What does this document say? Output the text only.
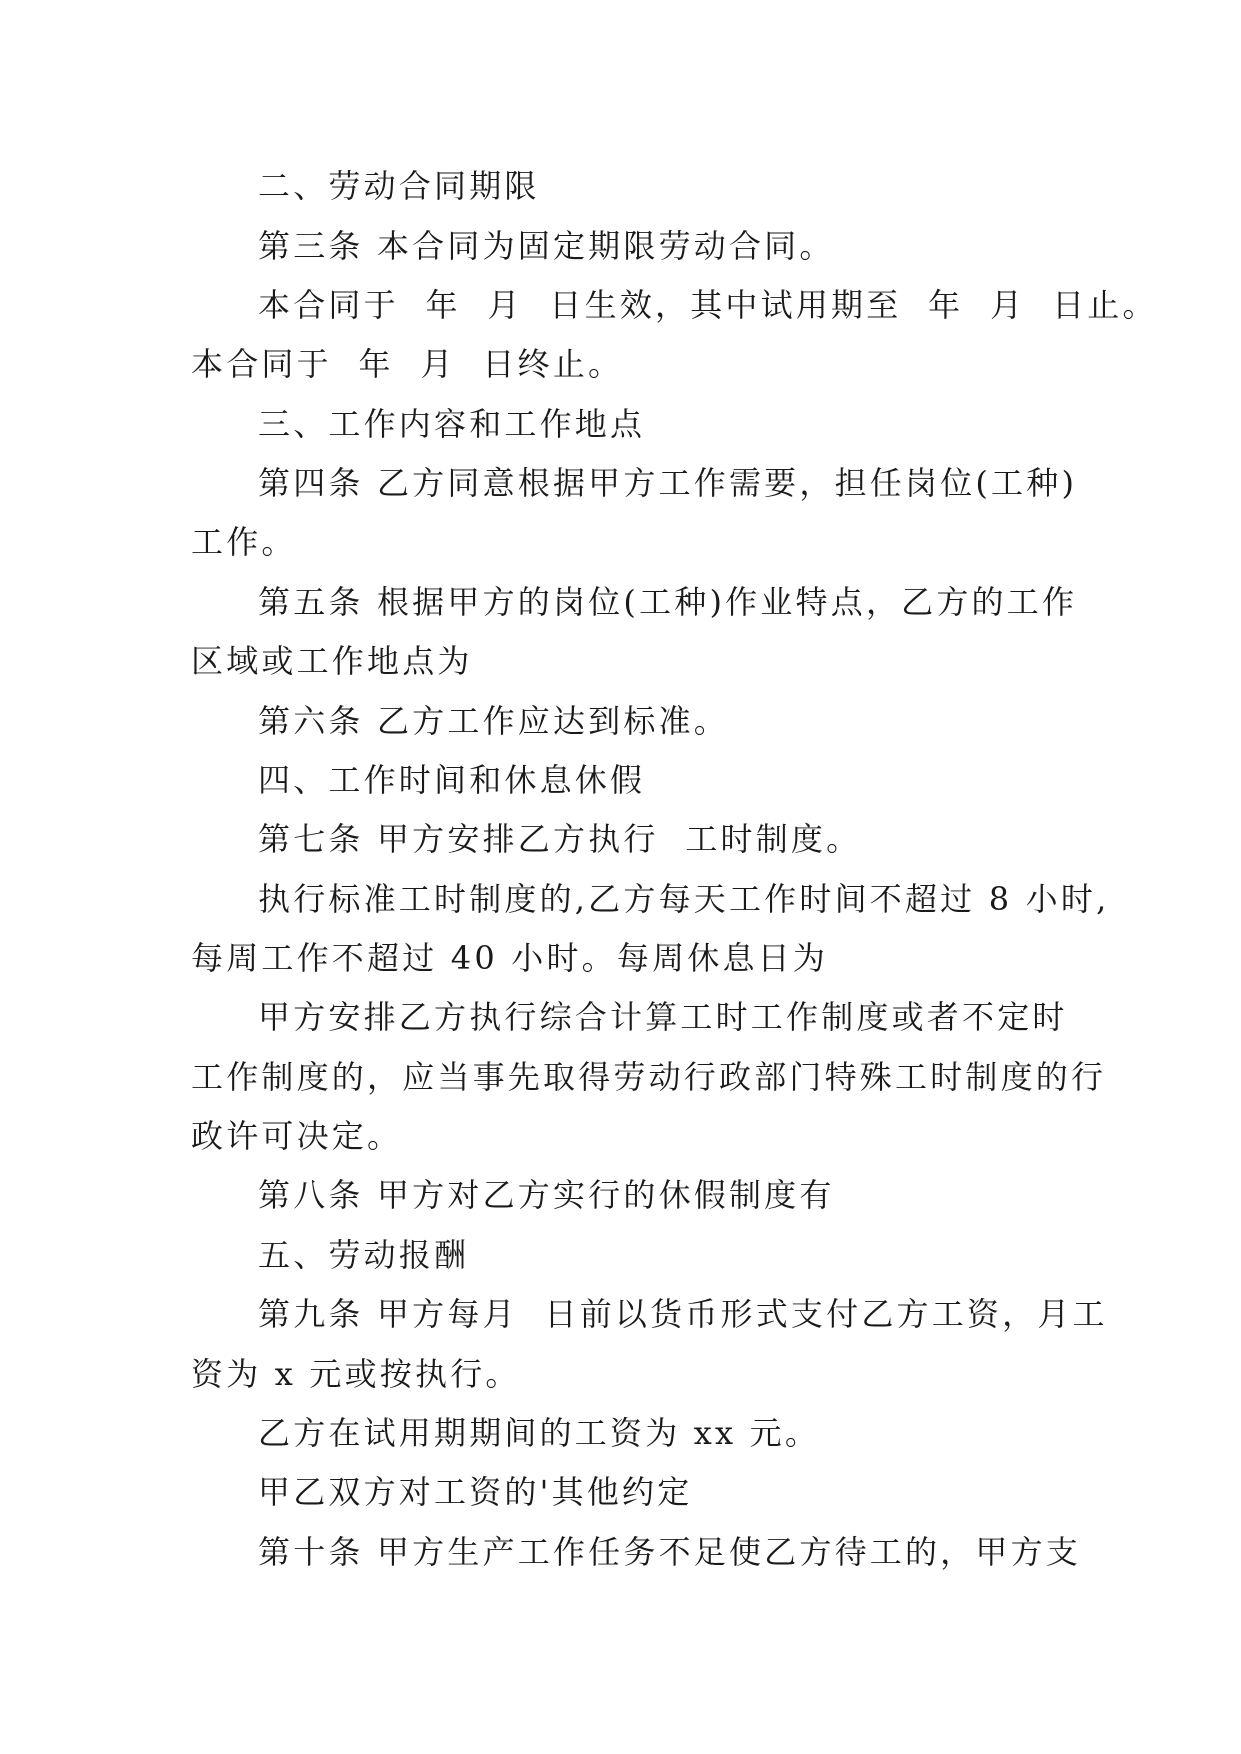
二、劳动合同期限
第三条 本合同为固定期限劳动合同。
本合同于  年  月  日生效，其中试用期至  年  月  日止。
本合同于  年  月  日终止。
三、工作内容和工作地点
第四条 乙方同意根据甲方工作需要，担任岗位(工种)
工作。
第五条 根据甲方的岗位(工种)作业特点，乙方的工作
区域或工作地点为
第六条 乙方工作应达到标准。
四、工作时间和休息休假
第七条 甲方安排乙方执行  工时制度。
执行标准工时制度的,乙方每天工作时间不超过 8 小时,
每周工作不超过 40 小时。每周休息日为
甲方安排乙方执行综合计算工时工作制度或者不定时
工作制度的，应当事先取得劳动行政部门特殊工时制度的行
政许可决定。
第八条 甲方对乙方实行的休假制度有
五、劳动报酬
第九条 甲方每月  日前以货币形式支付乙方工资，月工
资为 x 元或按执行。
乙方在试用期期间的工资为 xx 元。
甲乙双方对工资的'其他约定
第十条 甲方生产工作任务不足使乙方待工的，甲方支
